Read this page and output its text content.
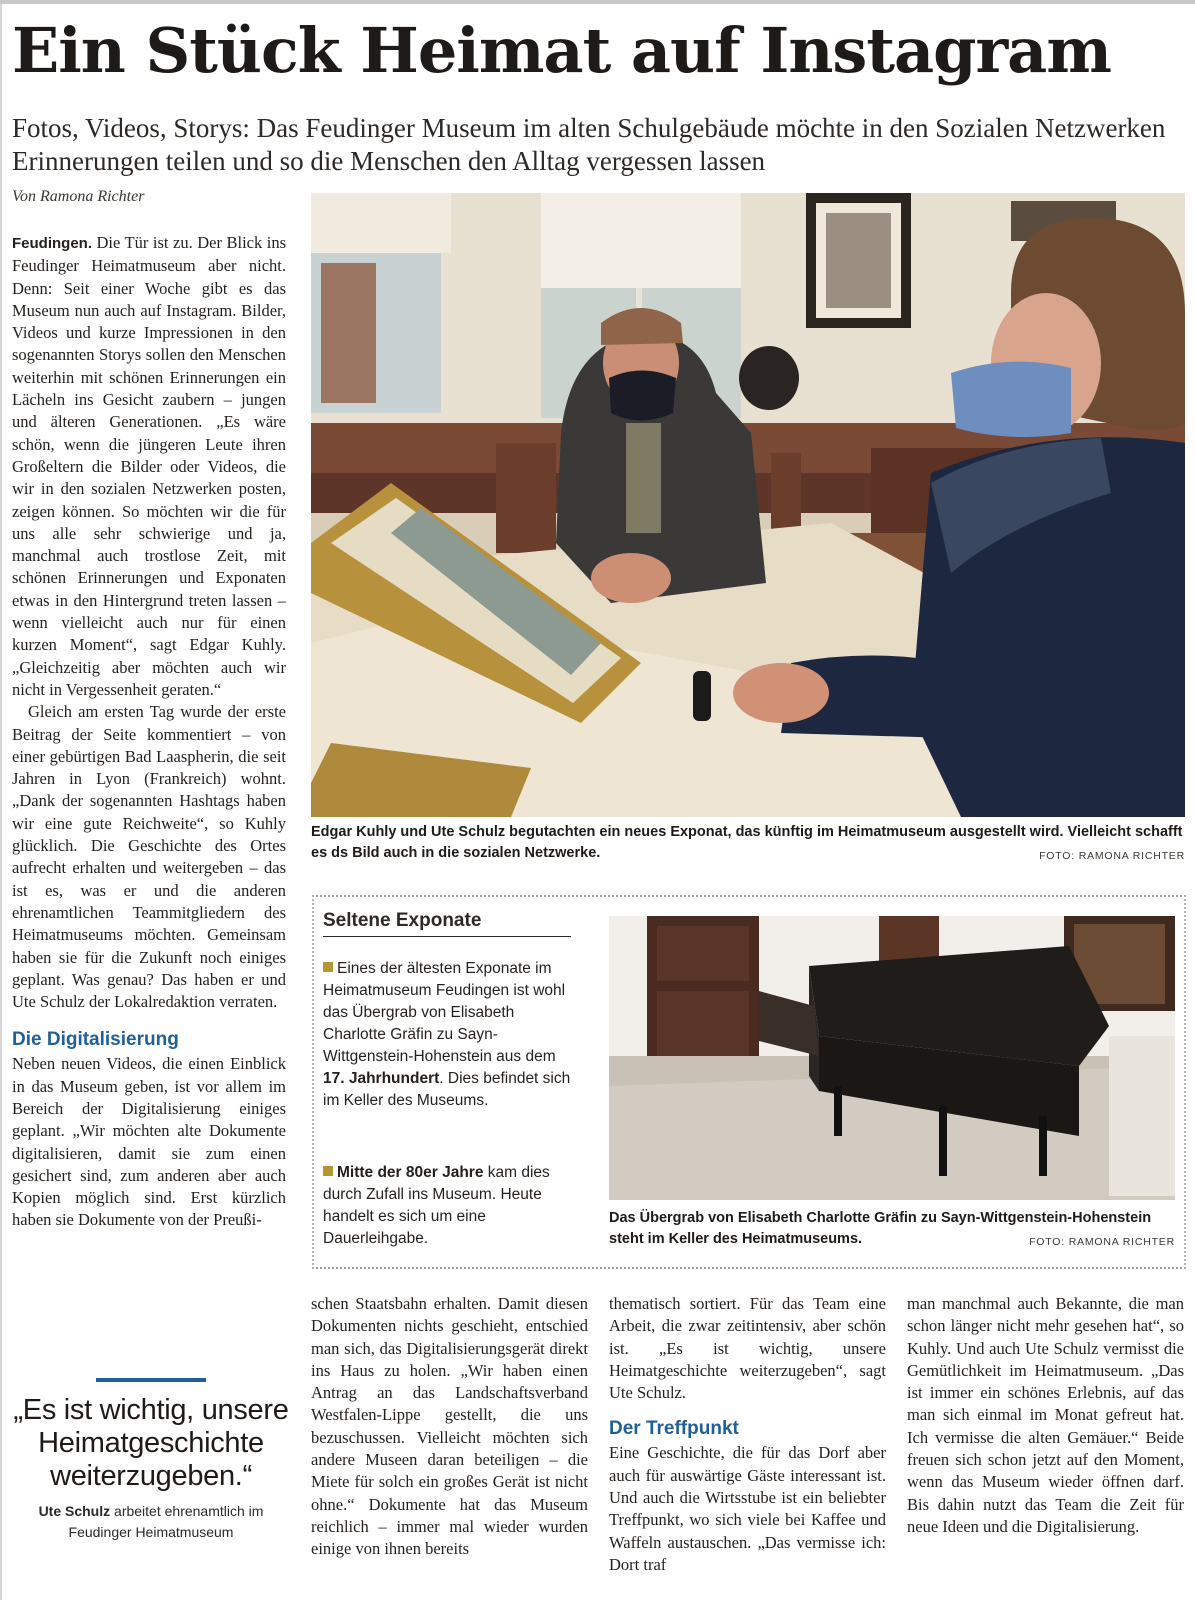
Ein Stück Heimat auf Instagram

Fotos, Videos, Storys: Das Feudinger Museum im alten Schulgebäude möchte in den Sozialen Netzwerken Erinnerungen teilen und so die Menschen den Alltag vergessen lassen

Von Ramona Richter

Feudingen. Die Tür ist zu. Der Blick ins Feudinger Heimatmuseum aber nicht. Denn: Seit einer Woche gibt es das Museum nun auch auf Instagram. Bilder, Videos und kurze Impressionen in den sogenannten Storys sollen den Menschen weiterhin mit schönen Erinnerungen ein Lächeln ins Gesicht zaubern – jungen und älteren Generationen. „Es wäre schön, wenn die jüngeren Leute ihren Großeltern die Bilder oder Videos, die wir in den sozialen Netzwerken posten, zeigen können. So möchten wir die für uns alle sehr schwierige und ja, manchmal auch trostlose Zeit, mit schönen Erinnerungen und Exponaten etwas in den Hintergrund treten lassen – wenn vielleicht auch nur für einen kurzen Moment“, sagt Edgar Kuhly. „Gleichzeitig aber möchten auch wir nicht in Vergessenheit geraten.“

Gleich am ersten Tag wurde der erste Beitrag der Seite kommentiert – von einer gebürtigen Bad Laaspherin, die seit Jahren in Lyon (Frankreich) wohnt. „Dank der sogenannten Hashtags haben wir eine gute Reichweite“, so Kuhly glücklich. Die Geschichte des Ortes aufrecht erhalten und weitergeben – das ist es, was er und die anderen ehrenamtlichen Teammitgliedern des Heimatmuseums möchten. Gemeinsam haben sie für die Zukunft noch einiges geplant. Was genau? Das haben er und Ute Schulz der Lokalredaktion verraten.

Die Digitalisierung

Neben neuen Videos, die einen Einblick in das Museum geben, ist vor allem im Bereich der Digitalisierung einiges geplant. „Wir möchten alte Dokumente digitalisieren, damit sie zum einen gesichert sind, zum anderen aber auch Kopien möglich sind. Erst kürzlich haben sie Dokumente von der Preußi-

„Es ist wichtig, unsere Heimatgeschichte weiterzugeben.“

Ute Schulz arbeitet ehrenamtlich im Feudinger Heimatmuseum

Edgar Kuhly und Ute Schulz begutachten ein neues Exponat, das künftig im Heimatmuseum ausgestellt wird. Vielleicht schafft es ds Bild auch in die sozialen Netzwerke.	FOTO: RAMONA RICHTER

Seltene Exponate

Eines der ältesten Exponate im Heimatmuseum Feudingen ist wohl das Übergrab von Elisabeth Charlotte Gräfin zu Sayn-Wittgenstein-Hohenstein aus dem 17. Jahrhundert. Dies befindet sich im Keller des Museums.

Mitte der 80er Jahre kam dies durch Zufall ins Museum. Heute handelt es sich um eine Dauerleihgabe.

Das Übergrab von Elisabeth Charlotte Gräfin zu Sayn-Wittgenstein-Hohenstein steht im Keller des Heimatmuseums.	FOTO: RAMONA RICHTER

schen Staatsbahn erhalten. Damit diesen Dokumenten nichts geschieht, entschied man sich, das Digitalisierungsgerät direkt ins Haus zu holen. „Wir haben einen Antrag an das Landschaftsverband Westfalen-Lippe gestellt, die uns bezuschussen. Vielleicht möchten sich andere Museen daran beteiligen – die Miete für solch ein großes Gerät ist nicht ohne.“ Dokumente hat das Museum reichlich – immer mal wieder wurden einige von ihnen bereits

thematisch sortiert. Für das Team eine Arbeit, die zwar zeitintensiv, aber schön ist. „Es ist wichtig, unsere Heimatgeschichte weiterzugeben“, sagt Ute Schulz.

Der Treffpunkt

Eine Geschichte, die für das Dorf aber auch für auswärtige Gäste interessant ist. Und auch die Wirtsstube ist ein beliebter Treffpunkt, wo sich viele bei Kaffee und Waffeln austauschen. „Das vermisse ich: Dort traf

man manchmal auch Bekannte, die man schon länger nicht mehr gesehen hat“, so Kuhly. Und auch Ute Schulz vermisst die Gemütlichkeit im Heimatmuseum. „Das ist immer ein schönes Erlebnis, auf das man sich einmal im Monat gefreut hat. Ich vermisse die alten Gemäuer.“ Beide freuen sich schon jetzt auf den Moment, wenn das Museum wieder öffnen darf. Bis dahin nutzt das Team die Zeit für neue Ideen und die Digitalisierung.
